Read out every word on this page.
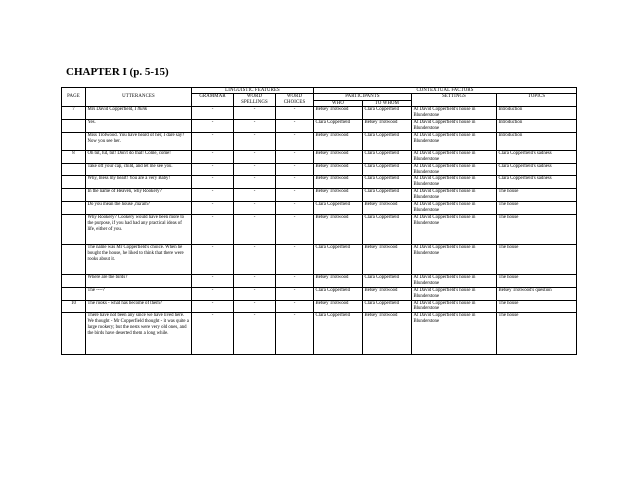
CHAPTER I (p. 5-15)
PAGE	UTTERANCES	LINGUISTIC FEATURES			CONTEXTUAL FACTORS			
		GRAMMAR	WORD SPELLINGS	WORD CHOICES	PARTICIPANTS		SETTINGS	TOPICS
					WHO	TO WHOM		
7	Mrs David Copperfield, I think	-	-	-	Betsey Trotwood	Clara Copperfield	At David Copperfield's house in Blunderstone	Introduction
	Yes.	-	-	-	Clara Copperfield	Betsey Trotwood	At David Copperfield's house in Blunderstone	Introduction
	Miss Trotwood. You have heard of her, I dare say? Now you see her.	-	-	-	Betsey Trotwood	Clara Copperfield	At David Copperfield's house in Blunderstone	Introduction
8	Oh tut, tut, tut! Don't do that! Come, come!	-	-	-	Betsey Trotwood	Clara Copperfield	At David Copperfield's house in Blunderstone	Clara Copperfield's sadness
	Take off your cap, child, and let me see you.	-	-	-	Betsey Trotwood	Clara Copperfield	At David Copperfield's house in Blunderstone	Clara Copperfield's sadness
	Why, bless my heart! You are a very Baby!	-	-	-	Betsey Trotwood	Clara Copperfield	At David Copperfield's house in Blunderstone	Clara Copperfield's sadness
	In the name of Heaven, why Rookery?	-	-	-	Betsey Trotwood	Clara Copperfield	At David Copperfield's house in Blunderstone	The house
	Do you mean the house ,ma'am?	-	-	-	Clara Copperfield	Betsey Trotwood	At David Copperfield's house in Blunderstone	The house
	Why Rookery? Cookery would have been more to the purpose, if you had had any practical ideas of life, either of you.	-	-	-	Betsey Trotwood	Clara Copperfield	At David Copperfield's house in Blunderstone	The house
	The name was Mr Copperfield's choice. When he bought the house, he liked to think that there were rooks about it.	-	-	-	Clara Copperfield	Betsey Trotwood	At David Copperfield's house in Blunderstone	The house
	Where are the birds?	-	-	-	Betsey Trotwood	Clara Copperfield	At David Copperfield's house in Blunderstone	The house
	The ----?	-	-	-	Clara Copperfield	Betsey Trotwood	At David Copperfield's house in Blunderstone	Betsey Trotwood's question
10	The rooks - what has become of them?	-	-	-	Betsey Trotwood	Clara Copperfield	At David Copperfield's house in Blunderstone	The house
	There have not been any since we have lived here. We thought - Mr Copperfield thought - it was quite a large rookery; but the nests were very old ones, and the birds have deserted them a long while.	-	-	-	Clara Copperfield	Betsey Trotwood	At David Copperfield's house in Blunderstone	The house
